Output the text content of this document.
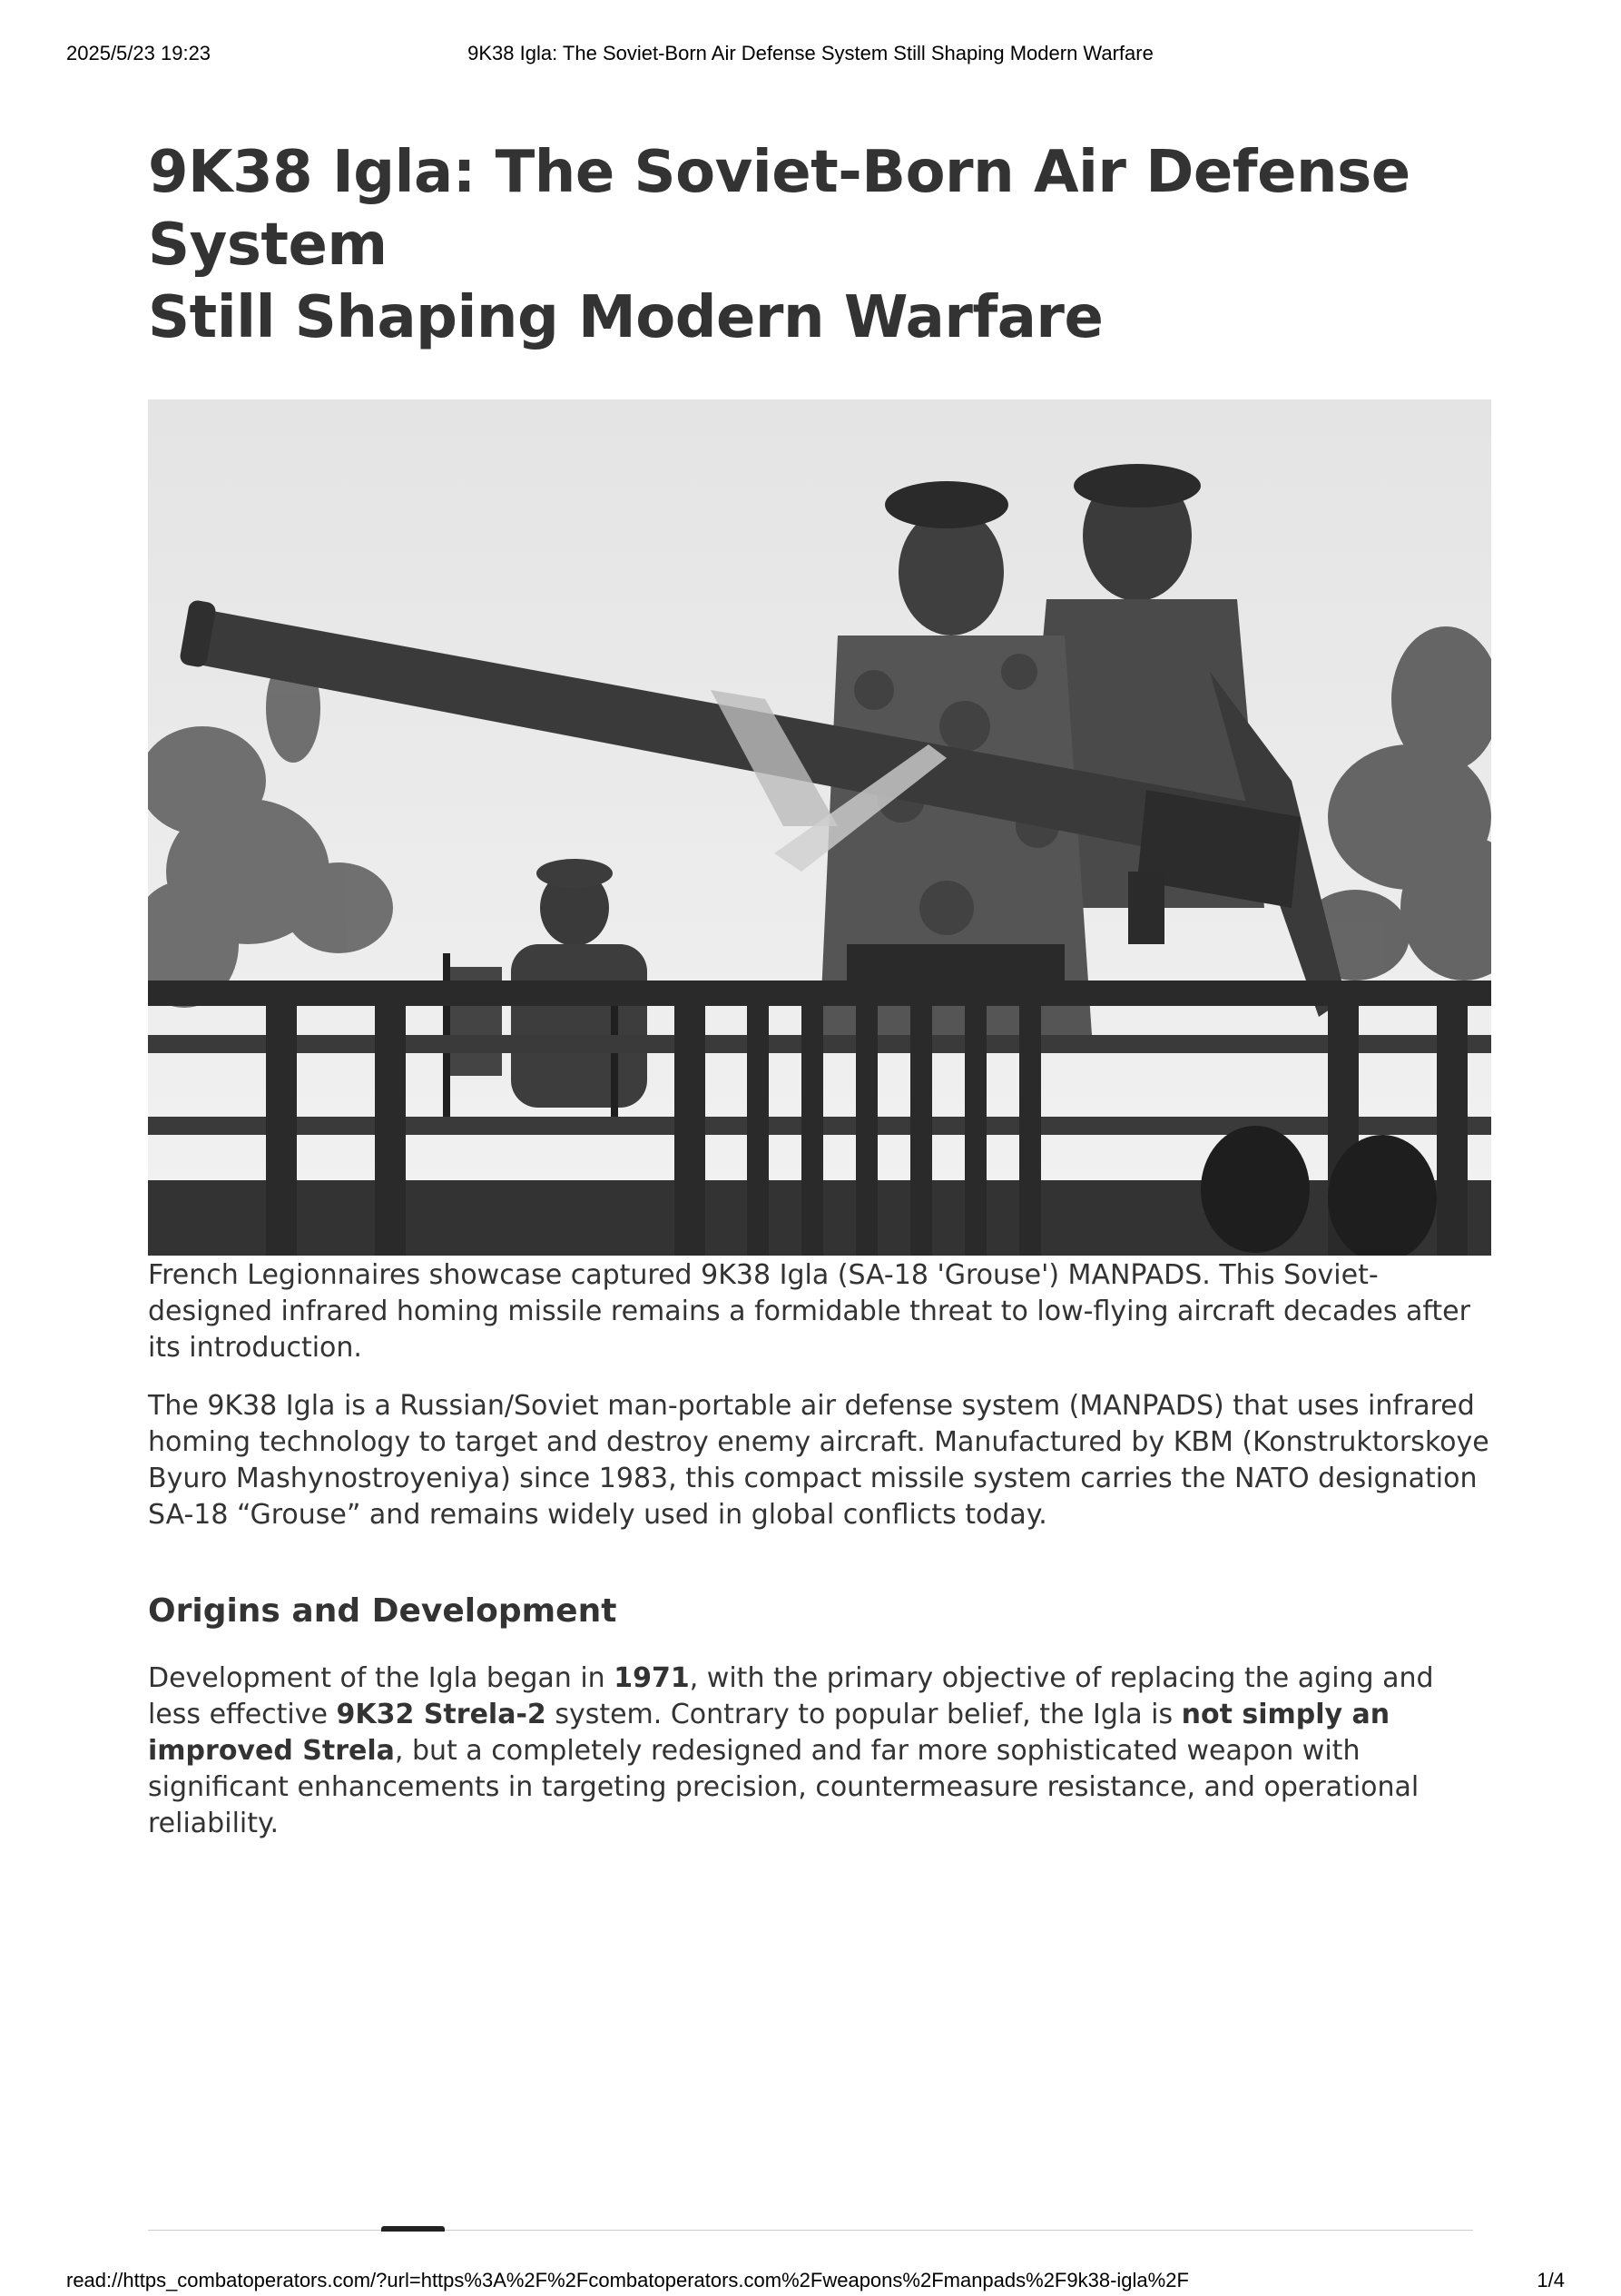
2025/5/23 19:23	9K38 Igla: The Soviet-Born Air Defense System Still Shaping Modern Warfare
9K38 Igla: The Soviet-Born Air Defense System
Still Shaping Modern Warfare
French Legionnaires showcase captured 9K38 Igla (SA-18 'Grouse') MANPADS. This Soviet-designed infrared homing missile remains a formidable threat to low-flying aircraft decades after its introduction.

The 9K38 Igla is a Russian/Soviet man-portable air defense system (MANPADS) that uses infrared homing technology to target and destroy enemy aircraft. Manufactured by KBM (Konstruktorskoye Byuro Mashynostroyeniya) since 1983, this compact missile system carries the NATO designation SA-18 “Grouse” and remains widely used in global conflicts today.

Origins and Development

Development of the Igla began in 1971, with the primary objective of replacing the aging and less effective 9K32 Strela-2 system. Contrary to popular belief, the Igla is not simply an improved Strela, but a completely redesigned and far more sophisticated weapon with significant enhancements in targeting precision, countermeasure resistance, and operational reliability.

read://https_combatoperators.com/?url=https%3A%2F%2Fcombatoperators.com%2Fweapons%2Fmanpads%2F9k38-igla%2F	1/4
